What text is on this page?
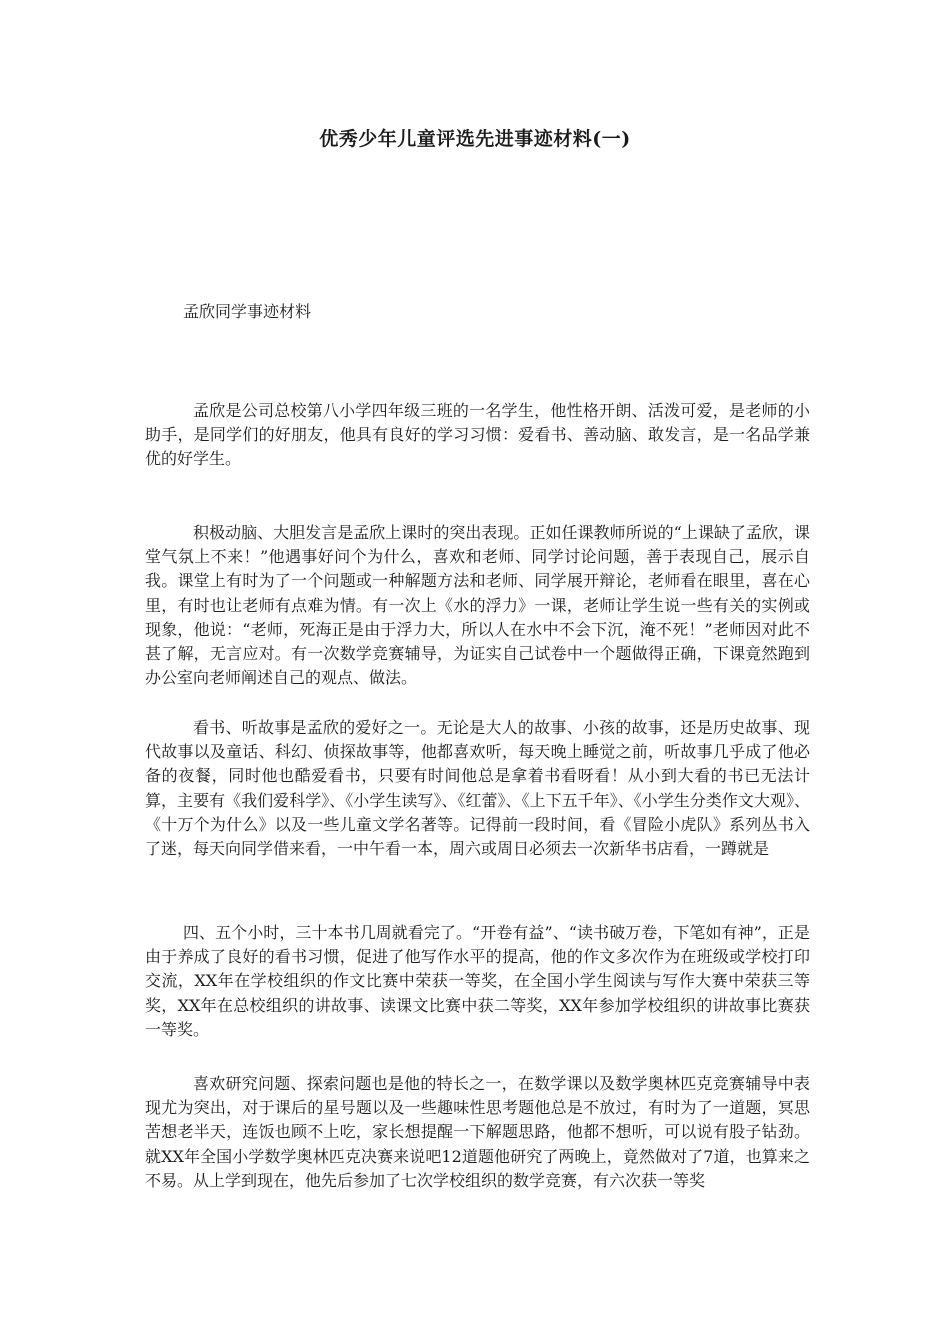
优秀少年儿童评选先进事迹材料(一)

孟欣同学事迹材料

孟欣是公司总校第八小学四年级三班的一名学生，他性格开朗、活泼可爱，是老师的小助手，是同学们的好朋友，他具有良好的学习习惯：爱看书、善动脑、敢发言，是一名品学兼优的好学生。

积极动脑、大胆发言是孟欣上课时的突出表现。正如任课教师所说的“上课缺了孟欣，课堂气氛上不来！”他遇事好问个为什么，喜欢和老师、同学讨论问题，善于表现自己，展示自我。课堂上有时为了一个问题或一种解题方法和老师、同学展开辩论，老师看在眼里，喜在心里，有时也让老师有点难为情。有一次上《水的浮力》一课，老师让学生说一些有关的实例或现象，他说：“老师，死海正是由于浮力大，所以人在水中不会下沉，淹不死！”老师因对此不甚了解，无言应对。有一次数学竞赛辅导，为证实自己试卷中一个题做得正确，下课竟然跑到办公室向老师阐述自己的观点、做法。

看书、听故事是孟欣的爱好之一。无论是大人的故事、小孩的故事，还是历史故事、现代故事以及童话、科幻、侦探故事等，他都喜欢听，每天晚上睡觉之前，听故事几乎成了他必备的夜餐，同时他也酷爱看书，只要有时间他总是拿着书看呀看！从小到大看的书已无法计算，主要有《我们爱科学》、《小学生读写》、《红蕾》、《上下五千年》、《小学生分类作文大观》、《十万个为什么》以及一些儿童文学名著等。记得前一段时间，看《冒险小虎队》系列丛书入了迷，每天向同学借来看，一中午看一本，周六或周日必须去一次新华书店看，一蹲就是

四、五个小时，三十本书几周就看完了。“开卷有益”、“读书破万卷，下笔如有神”，正是由于养成了良好的看书习惯，促进了他写作水平的提高，他的作文多次作为在班级或学校打印交流，XX年在学校组织的作文比赛中荣获一等奖，在全国小学生阅读与写作大赛中荣获三等奖，XX年在总校组织的讲故事、读课文比赛中获二等奖，XX年参加学校组织的讲故事比赛获一等奖。

喜欢研究问题、探索问题也是他的特长之一，在数学课以及数学奥林匹克竞赛辅导中表现尤为突出，对于课后的星号题以及一些趣味性思考题他总是不放过，有时为了一道题，冥思苦想老半天，连饭也顾不上吃，家长想提醒一下解题思路，他都不想听，可以说有股子钻劲。就XX年全国小学数学奥林匹克决赛来说吧12道题他研究了两晚上，竟然做对了7道，也算来之不易。从上学到现在，他先后参加了七次学校组织的数学竞赛，有六次获一等奖
